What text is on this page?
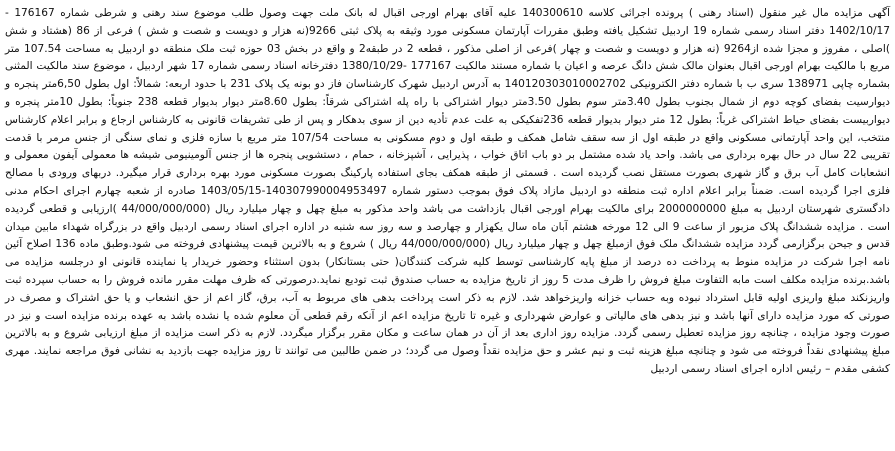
آگهی مزایده مال غیر منقول (اسناد رهنی ) پرونده اجرائی کلاسه 140300610 علیه آقای بهرام اورجی اقبال له بانک ملت جهت وصول طلب موضوع سند رهنی و شرطی شماره 176167 - 1402/10/17 دفتر اسناد رسمی شماره 19 اردبیل تشکیل یافته وطبق مقررات آپارتمان مسکونی مورد وثیقه به پلاک ثبتی 9266(نه هزار و دویست و شصت و شش ) فرعی از 86 (هشتاد و شش )اصلی ، مفروز و مجزا شده از9264 (نه هزار و دویست و شصت و چهار )فرعی از اصلی مذکور ، قطعه 2 در طبقه2 و واقع در بخش 03 حوزه ثبت ملک منطقه دو اردبیل به مساحت 107.54 متر مربع با مالکیت بهرام اورجی اقبال بعنوان مالک شش دانگ عرصه و اعیان با شماره مستند مالکیت 177167 -1380/10/29 دفترخانه اسناد رسمی شماره 17 شهر اردبیل ، موضوع سند مالکیت المثنی بشماره چاپی 138971 سری ب با شماره دفتر الکترونیکی 140120303010002702 به آدرس اردبیل شهرک کارشناسان فاز دو بونه یک پلاک 231 با حدود اربعه: شمالاً: اول بطول 6,50متر پنجره و دیوارسیت بفضای کوچه دوم از شمال بجنوب بطول 3.40متر سوم بطول 3.50متر دیوار اشتراکی با راه پله اشتراکی شرقاً: بطول 8.60متر دیوار بدیوار قطعه 238 جنوباً: بطول 10متر پنجره و دیواربیست بفضای حیاط اشتراکی غرباً: بطول 12 متر دیوار بدیوار قطعه 236تفکیکی به علت عدم تأدیه دین از سوی بدهکار و پس از طی تشریفات قانونی به کارشناس ارجاع و برابر اعلام کارشناس منتخب، این واحد آپارتمانی مسکونی واقع در طبقه اول از سه سقف شامل همکف و طبقه اول و دوم مسکونی به مساحت 107/54 متر مربع با سازه فلزی و نمای سنگی از جنس مرمر با قدمت تقریبی 22 سال در حال بهره برداری می باشد. واحد یاد شده مشتمل بر دو باب اتاق خواب ، پذیرایی ، آشپزخانه ، حمام ، دستشویی پنجره ها از جنس آلومینیومی شیشه ها معمولی آیفون معمولی و انشعابات کامل آب برق و گاز شهری بصورت مستقل نصب گردیده است . قسمتی از طبقه همکف بجای استفاده پارکینگ بصورت مسکونی مورد بهره برداری قرار میگیرد. دربهای ورودی با مصالح فلزی اجرا گردیده است. ضمناً برابر اعلام اداره ثبت منطقه دو اردبیل مازاد پلاک فوق بموجب دستور شماره 140307990004953497-1403/05/15 صادره از شعبه چهارم اجرای احکام مدنی دادگستری شهرستان اردبیل به مبلغ 2000000000 برای مالکیت بهرام اورجی اقبال بازداشت می باشد واحد مذکور به مبلغ چهل و چهار میلیارد ریال (44/000/000/000 )ارزیابی و قطعی گردیده است . مزایده ششدانگ پلاک مزبور از ساعت 9 الی 12 مورخه هشتم آبان ماه سال یکهزار و چهارصد و سه روز سه شنبه در اداره اجرای اسناد رسمی اردبیل واقع در بزرگراه شهداء مابین میدان قدس و جیحن برگزارمی گردد مزایده ششدانگ ملک فوق ازمبلغ چهل و چهار میلیارد ریال (44/000/000/000 ریال ) شروع و به بالاترین قیمت پیشنهادی فروخته می شود.وطبق ماده 136 اصلاح آئین نامه اجرا شرکت در مزایده منوط به پرداخت ده درصد از مبلغ پایه کارشناسی توسط کلیه شرکت کنندگان( حتی بستانکار) بدون استثناء وحضور خریدار یا نماینده قانونی او درجلسه مزایده می باشد.برنده مزایده مکلف است مابه التفاوت مبلغ فروش را ظرف مدت 5 روز از تاریخ مزایده به حساب صندوق ثبت تودیع نماید.درصورتی که ظرف مهلت مقرر مانده فروش را به حساب سپرده ثبت واریزنکند مبلغ واریزی اولیه قابل استرداد نبوده وبه حساب خزانه واریزخواهد شد. لازم به ذکر است پرداخت بدهی های مربوط به آب، برق، گاز اعم از حق انشعاب و یا حق اشتراک و مصرف در صورتی که مورد مزایده دارای آنها باشد و نیز بدهی های مالیاتی و عوارض شهرداری و غیره تا تاریخ مزایده اعم از آنکه رقم قطعی آن معلوم شده یا نشده باشد به عهده برنده مزایده است و نیز در صورت وجود مزایده ، چنانچه روز مزایده تعطیل رسمی گردد. مزایده روز اداری بعد از آن در همان ساعت و مکان مقرر برگزار میگردد. لازم به ذکر است مزایده از مبلغ ارزیابی شروع و به بالاترین مبلغ پیشنهادی نقداً فروخته می شود و چنانچه مبلغ هزینه ثبت و نیم عشر و حق مزایده نقداً وصول می گردد؛ در ضمن طالبین می توانند تا روز مزایده جهت بازدید به نشانی فوق مراجعه نمایند. مهری کشفی مقدم – رئیس اداره اجرای اسناد رسمی اردبیل
